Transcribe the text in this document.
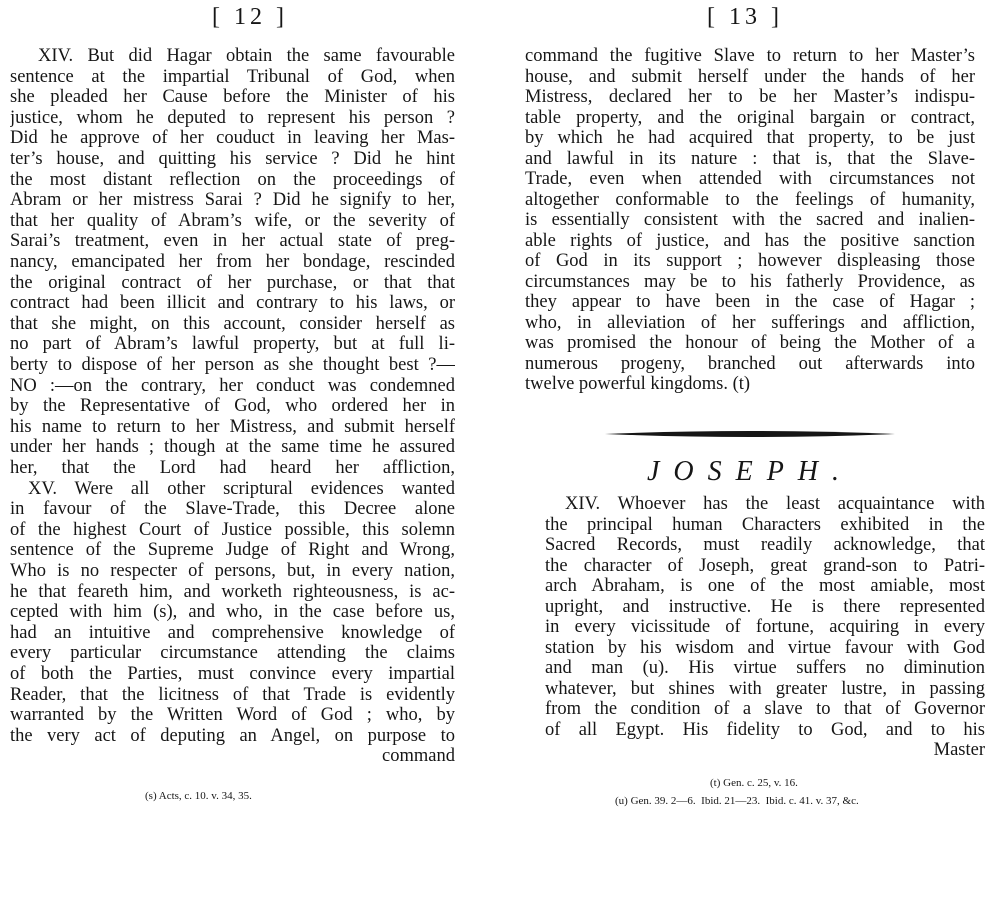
[ 12 ]
XIV. But did Hagar obtain the same favourable
sentence at the impartial Tribunal of God, when
she pleaded her Cause before the Minister of his
justice, whom he deputed to represent his person ?
Did he approve of her couduct in leaving her Mas-
ter’s house, and quitting his service ? Did he hint
the most distant reflection on the proceedings of
Abram or her mistress Sarai ? Did he signify to her,
that her quality of Abram’s wife, or the severity of
Sarai’s treatment, even in her actual state of preg-
nancy, emancipated her from her bondage, rescinded
the original contract of her purchase, or that that
contract had been illicit and contrary to his laws, or
that she might, on this account, consider herself as
no part of Abram’s lawful property, but at full li-
berty to dispose of her person as she thought best ?—
NO :—on the contrary, her conduct was condemned
by the Representative of God, who ordered her in
his name to return to her Mistress, and submit herself
under her hands ; though at the same time he assured
her, that the Lord had heard her affliction,
XV. Were all other scriptural evidences wanted
in favour of the Slave-Trade, this Decree alone
of the highest Court of Justice possible, this solemn
sentence of the Supreme Judge of Right and Wrong,
Who is no respecter of persons, but, in every nation,
he that feareth him, and worketh righteousness, is ac-
cepted with him (s), and who, in the case before us,
had an intuitive and comprehensive knowledge of
every particular circumstance attending the claims
of both the Parties, must convince every impartial
Reader, that the licitness of that Trade is evidently
warranted by the Written Word of God ; who, by
the very act of deputing an Angel, on purpose to
command
(s) Acts, c. 10. v. 34, 35.
[ 13 ]
command the fugitive Slave to return to her Master’s
house, and submit herself under the hands of her
Mistress, declared her to be her Master’s indispu-
table property, and the original bargain or contract,
by which he had acquired that property, to be just
and lawful in its nature : that is, that the Slave-
Trade, even when attended with circumstances not
altogether conformable to the feelings of humanity,
is essentially consistent with the sacred and inalien-
able rights of justice, and has the positive sanction
of God in its support ; however displeasing those
circumstances may be to his fatherly Providence, as
they appear to have been in the case of Hagar ;
who, in alleviation of her sufferings and affliction,
was promised the honour of being the Mother of a
numerous progeny, branched out afterwards into
twelve powerful kingdoms. (t)
JOSEPH.
XIV. Whoever has the least acquaintance with
the principal human Characters exhibited in the
Sacred Records, must readily acknowledge, that
the character of Joseph, great grand-son to Patri-
arch Abraham, is one of the most amiable, most
upright, and instructive. He is there represented
in every vicissitude of fortune, acquiring in every
station by his wisdom and virtue favour with God
and man (u). His virtue suffers no diminution
whatever, but shines with greater lustre, in passing
from the condition of a slave to that of Governor
of all Egypt. His fidelity to God, and to his
Master
(t) Gen. c. 25, v. 16.
(u) Gen. 39. 2—6.  Ibid. 21—23.  Ibid. c. 41. v. 37, &c.
